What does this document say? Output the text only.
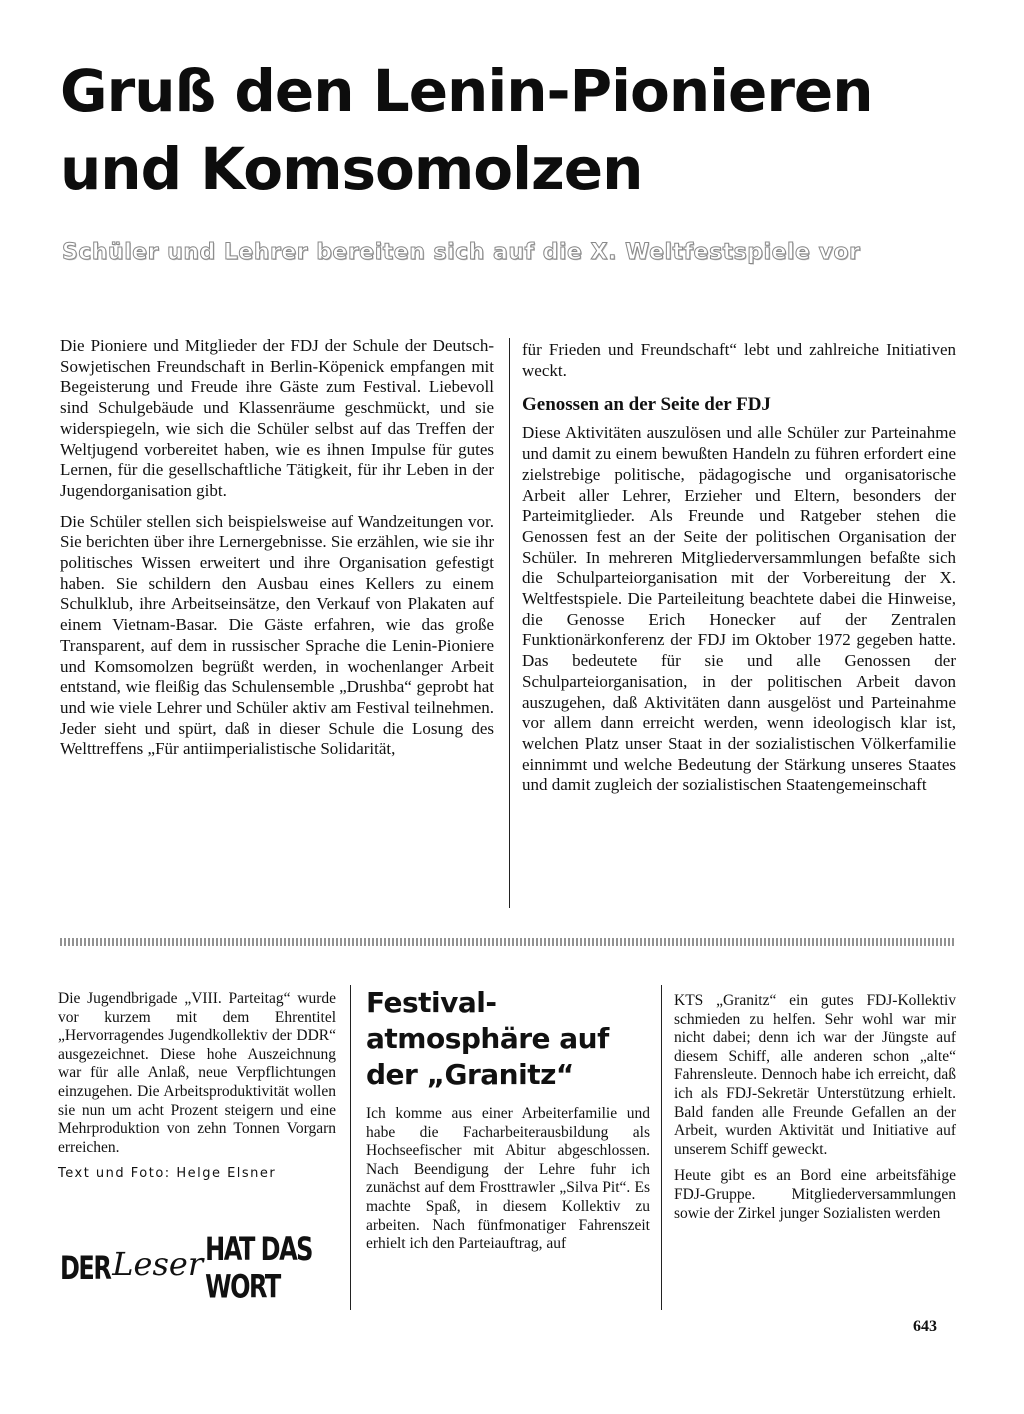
Gruß den Lenin-Pionieren
und Komsomolzen
Schüler und Lehrer bereiten sich auf die X. Weltfestspiele vor

Die Pioniere und Mitglieder der FDJ der Schule der Deutsch-Sowjetischen Freundschaft in Berlin-Köpenick empfangen mit Begeisterung und Freude ihre Gäste zum Festival. Liebevoll sind Schulgebäude und Klassenräume geschmückt, und sie widerspiegeln, wie sich die Schüler selbst auf das Treffen der Weltjugend vorbereitet haben, wie es ihnen Impulse für gutes Lernen, für die gesellschaftliche Tätigkeit, für ihr Leben in der Jugendorganisation gibt.

Die Schüler stellen sich beispielsweise auf Wandzeitungen vor. Sie berichten über ihre Lernergebnisse. Sie erzählen, wie sie ihr politisches Wissen erweitert und ihre Organisation gefestigt haben. Sie schildern den Ausbau eines Kellers zu einem Schulklub, ihre Arbeitseinsätze, den Verkauf von Plakaten auf einem Vietnam-Basar. Die Gäste erfahren, wie das große Transparent, auf dem in russischer Sprache die Lenin-Pioniere und Komsomolzen begrüßt werden, in wochenlanger Arbeit entstand, wie fleißig das Schulensemble „Drushba“ geprobt hat und wie viele Lehrer und Schüler aktiv am Festival teilnehmen. Jeder sieht und spürt, daß in dieser Schule die Losung des Welttreffens „Für antiimperialistische Solidarität,

für Frieden und Freundschaft“ lebt und zahlreiche Initiativen weckt.

Genossen an der Seite der FDJ

Diese Aktivitäten auszulösen und alle Schüler zur Parteinahme und damit zu einem bewußten Handeln zu führen erfordert eine zielstrebige politische, pädagogische und organisatorische Arbeit aller Lehrer, Erzieher und Eltern, besonders der Parteimitglieder. Als Freunde und Ratgeber stehen die Genossen fest an der Seite der politischen Organisation der Schüler. In mehreren Mitgliederversammlungen befaßte sich die Schulparteiorganisation mit der Vorbereitung der X. Weltfestspiele. Die Parteileitung beachtete dabei die Hinweise, die Genosse Erich Honecker auf der Zentralen Funktionärkonferenz der FDJ im Oktober 1972 gegeben hatte. Das bedeutete für sie und alle Genossen der Schulparteiorganisation, in der politischen Arbeit davon auszugehen, daß Aktivitäten dann ausgelöst und Parteinahme vor allem dann erreicht werden, wenn ideologisch klar ist, welchen Platz unser Staat in der sozialistischen Völkerfamilie einnimmt und welche Bedeutung der Stärkung unseres Staates und damit zugleich der sozialistischen Staatengemeinschaft

Die Jugendbrigade „VIII. Parteitag“ wurde vor kurzem mit dem Ehrentitel „Hervorragendes Jugendkollektiv der DDR“ ausgezeichnet. Diese hohe Auszeichnung war für alle Anlaß, neue Verpflichtungen einzugehen. Die Arbeitsproduktivität wollen sie nun um acht Prozent steigern und eine Mehrproduktion von zehn Tonnen Vorgarn erreichen.

Text und Foto: Helge Elsner

DER Leser HAT DAS WORT
Festival-
atmosphäre auf
der „Granitz“

Ich komme aus einer Arbeiterfamilie und habe die Facharbeiterausbildung als Hochseefischer mit Abitur abgeschlossen. Nach Beendigung der Lehre fuhr ich zunächst auf dem Frosttrawler „Silva Pit“. Es machte Spaß, in diesem Kollektiv zu arbeiten. Nach fünfmonatiger Fahrenszeit erhielt ich den Parteiauftrag, auf

KTS „Granitz“ ein gutes FDJ-Kollektiv schmieden zu helfen. Sehr wohl war mir nicht dabei; denn ich war der Jüngste auf diesem Schiff, alle anderen schon „alte“ Fahrensleute. Dennoch habe ich erreicht, daß ich als FDJ-Sekretär Unterstützung erhielt. Bald fanden alle Freunde Gefallen an der Arbeit, wurden Aktivität und Initiative auf unserem Schiff geweckt.

Heute gibt es an Bord eine arbeitsfähige FDJ-Gruppe. Mitgliederversammlungen sowie der Zirkel junger Sozialisten werden

643
